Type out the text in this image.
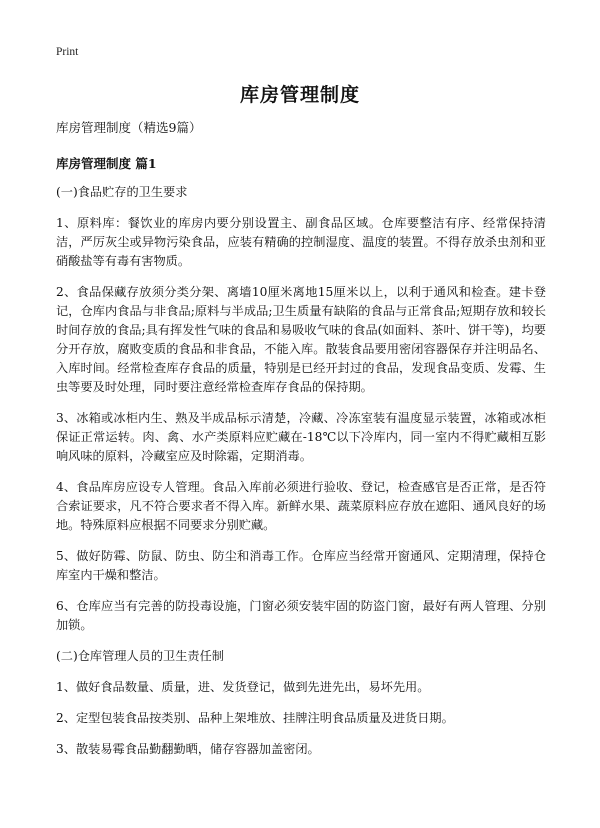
Print
库房管理制度
库房管理制度（精选9篇）
库房管理制度 篇1

(一)食品贮存的卫生要求

1、原料库：餐饮业的库房内要分别设置主、副食品区域。仓库要整洁有序、经常保持清洁，严厉灰尘或异物污染食品，应装有精确的控制湿度、温度的装置。不得存放杀虫剂和亚硝酸盐等有毒有害物质。

2、食品保藏存放须分类分架、离墙10厘米离地15厘米以上，以利于通风和检查。建卡登记，仓库内食品与非食品;原料与半成品;卫生质量有缺陷的食品与正常食品;短期存放和较长时间存放的食品;具有挥发性气味的食品和易吸收气味的食品(如面料、茶叶、饼干等)，均要分开存放，腐败变质的食品和非食品，不能入库。散装食品要用密闭容器保存并注明品名、入库时间。经常检查库存食品的质量，特别是已经开封过的食品，发现食品变质、发霉、生虫等要及时处理，同时要注意经常检查库存食品的保持期。

3、冰箱或冰柜内生、熟及半成品标示清楚，冷藏、冷冻室装有温度显示装置，冰箱或冰柜保证正常运转。肉、禽、水产类原料应贮藏在-18℃以下冷库内，同一室内不得贮藏相互影响风味的原料，冷藏室应及时除霜，定期消毒。

4、食品库房应设专人管理。食品入库前必须进行验收、登记，检查感官是否正常，是否符合索证要求，凡不符合要求者不得入库。新鲜水果、蔬菜原料应存放在遮阳、通风良好的场地。特殊原料应根据不同要求分别贮藏。

5、做好防霉、防鼠、防虫、防尘和消毒工作。仓库应当经常开窗通风、定期清理，保持仓库室内干燥和整洁。

6、仓库应当有完善的防投毒设施，门窗必须安装牢固的防盗门窗，最好有两人管理、分别加锁。

(二)仓库管理人员的卫生责任制

1、做好食品数量、质量，进、发货登记，做到先进先出，易坏先用。

2、定型包装食品按类别、品种上架堆放、挂牌注明食品质量及进货日期。

3、散装易霉食品勤翻勤晒，储存容器加盖密闭。
